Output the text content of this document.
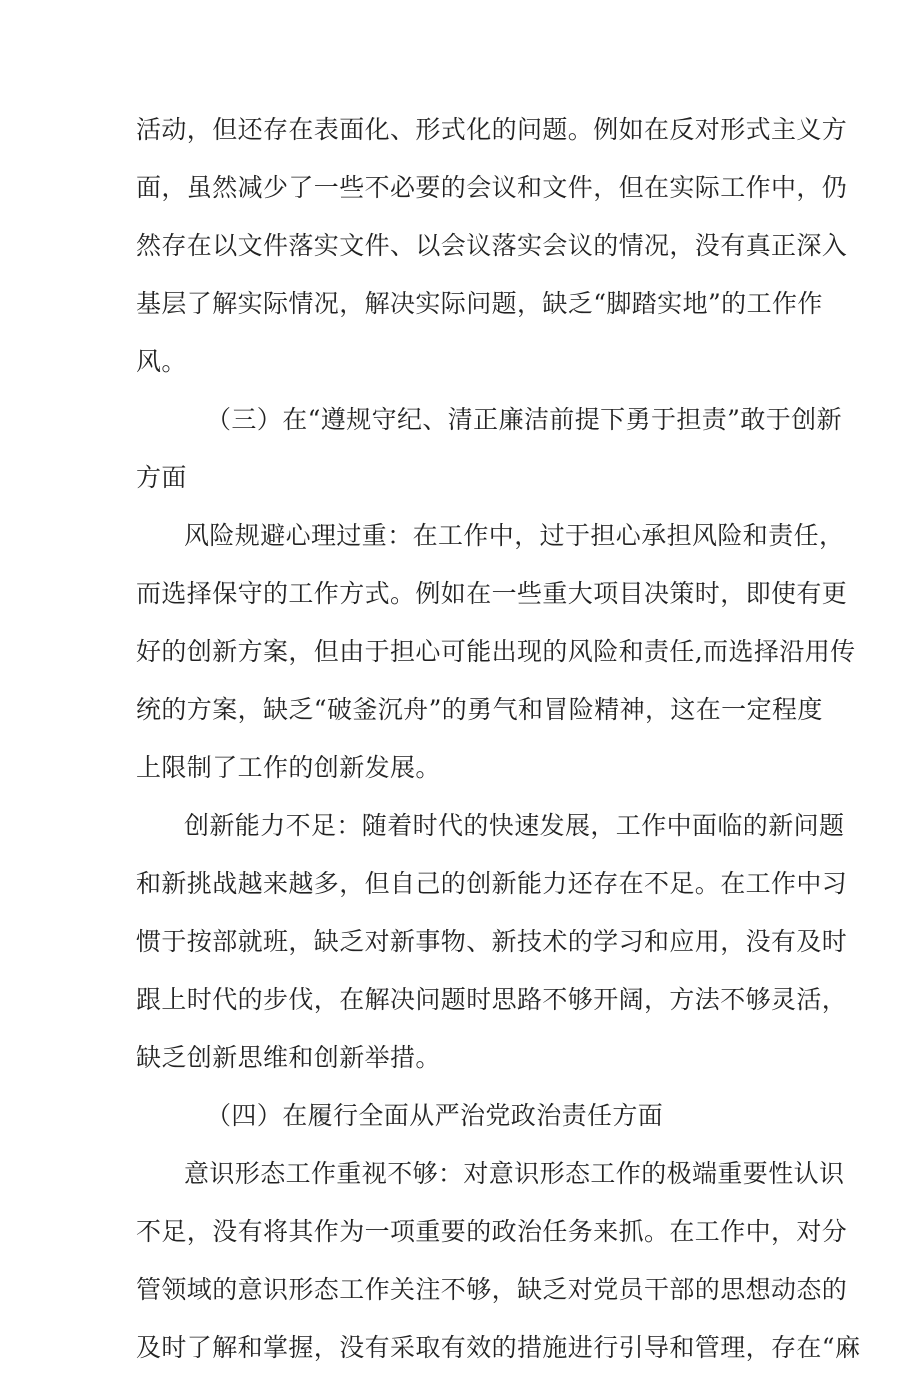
活动，但还存在表面化、形式化的问题。例如在反对形式主义方
面，虽然减少了一些不必要的会议和文件，但在实际工作中，仍
然存在以文件落实文件、以会议落实会议的情况，没有真正深入
基层了解实际情况，解决实际问题，缺乏“脚踏实地”的工作作
风。
（三）在“遵规守纪、清正廉洁前提下勇于担责”敢于创新
方面
风险规避心理过重：在工作中，过于担心承担风险和责任，
而选择保守的工作方式。例如在一些重大项目决策时，即使有更
好的创新方案，但由于担心可能出现的风险和责任,而选择沿用传
统的方案，缺乏“破釜沉舟”的勇气和冒险精神，这在一定程度
上限制了工作的创新发展。
创新能力不足：随着时代的快速发展，工作中面临的新问题
和新挑战越来越多，但自己的创新能力还存在不足。在工作中习
惯于按部就班，缺乏对新事物、新技术的学习和应用，没有及时
跟上时代的步伐，在解决问题时思路不够开阔，方法不够灵活，
缺乏创新思维和创新举措。
（四）在履行全面从严治党政治责任方面
意识形态工作重视不够：对意识形态工作的极端重要性认识
不足，没有将其作为一项重要的政治任务来抓。在工作中，对分
管领域的意识形态工作关注不够，缺乏对党员干部的思想动态的
及时了解和掌握，没有采取有效的措施进行引导和管理，存在“麻
